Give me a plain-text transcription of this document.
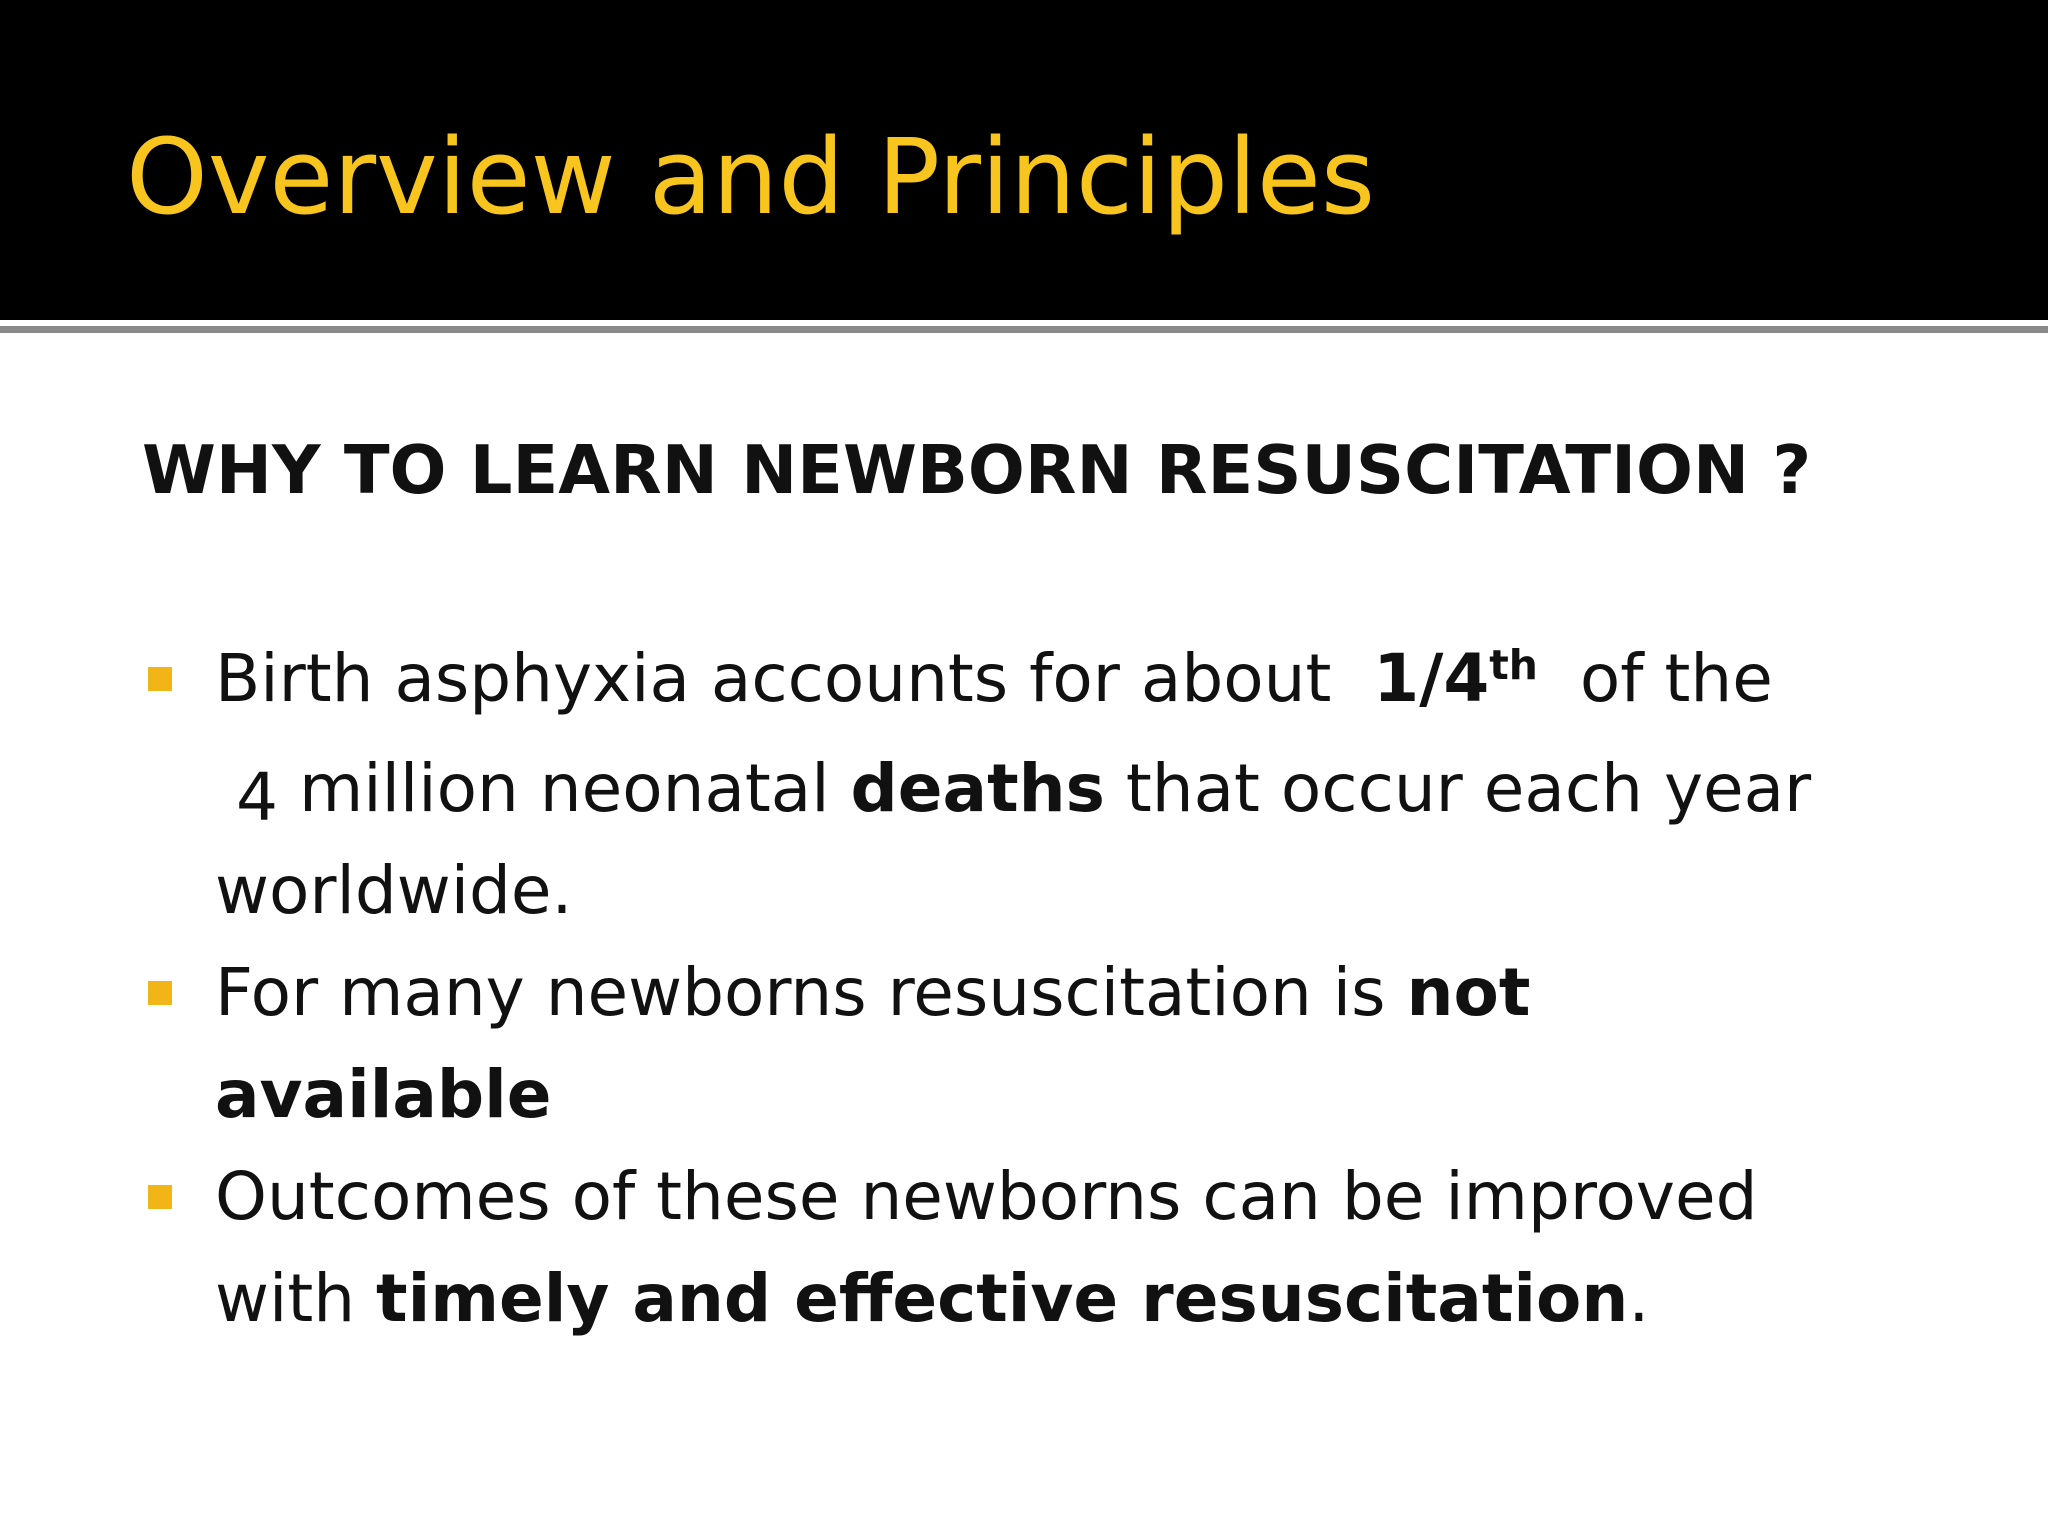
Overview and Principles
WHY TO LEARN NEWBORN RESUSCITATION ?
Birth asphyxia accounts for about 1/4th of the
4 million neonatal deaths that occur each year
worldwide.
For many newborns resuscitation is not
available
Outcomes of these newborns can be improved
with timely and effective resuscitation.
